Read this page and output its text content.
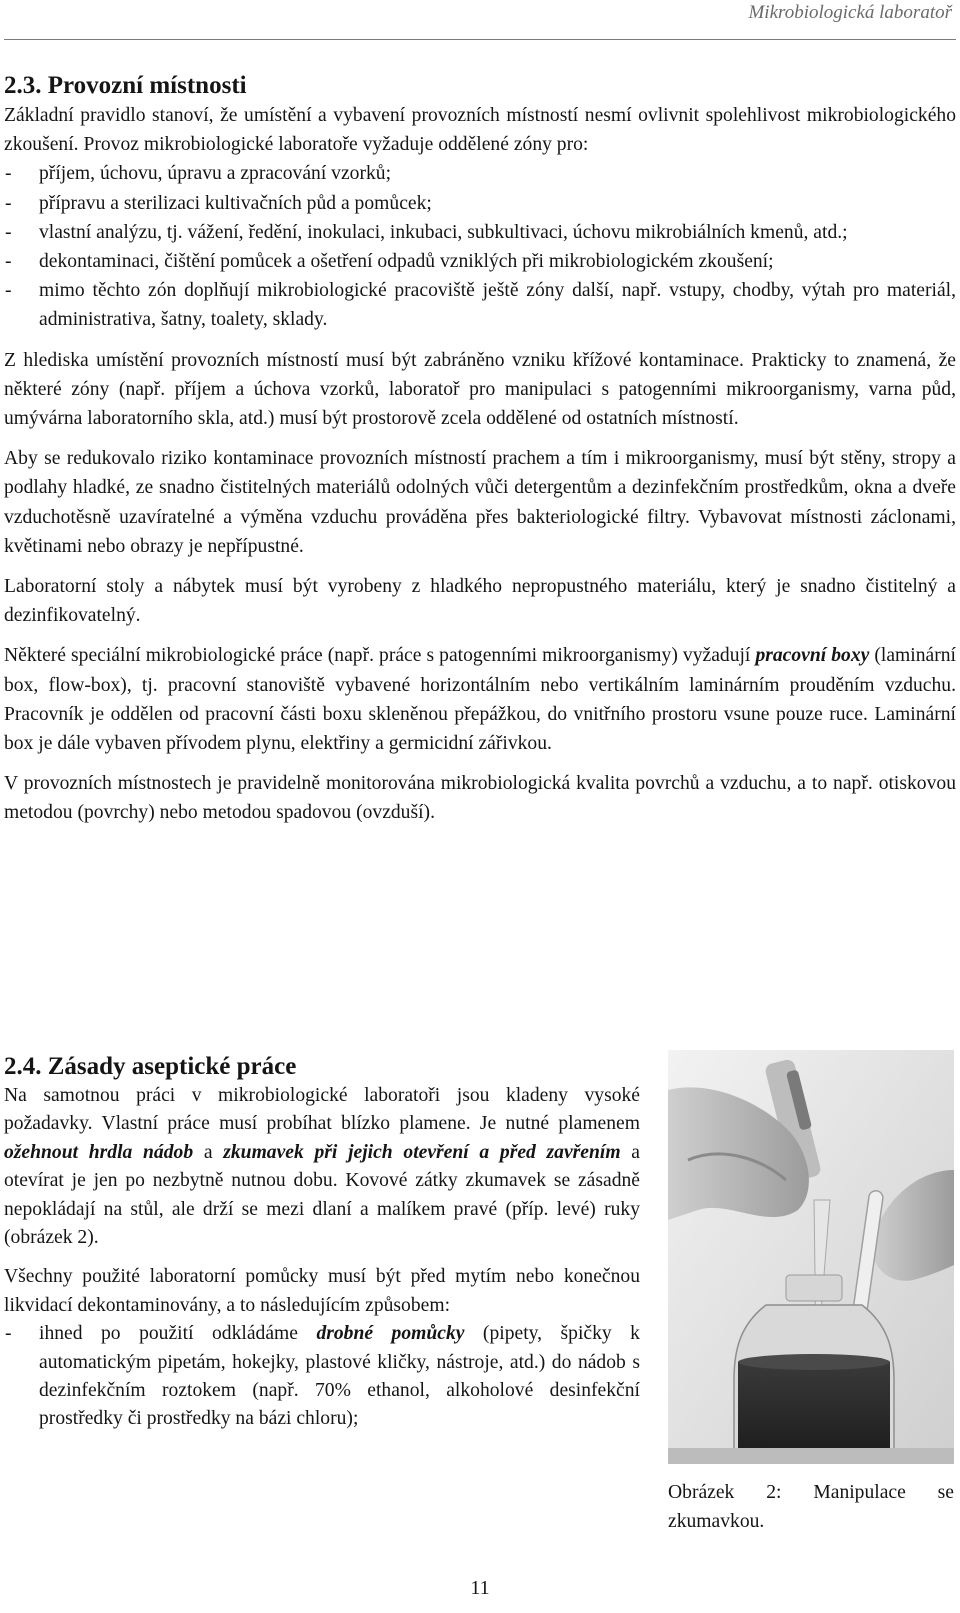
Mikrobiologická laboratoř
2.3. Provozní místnosti

Základní pravidlo stanoví, že umístění a vybavení provozních místností nesmí ovlivnit spolehlivost mikrobiologického zkoušení. Provoz mikrobiologické laboratoře vyžaduje oddělené zóny pro:

- příjem, úchovu, úpravu a zpracování vzorků;
- přípravu a sterilizaci kultivačních půd a pomůcek;
- vlastní analýzu, tj. vážení, ředění, inokulaci, inkubaci, subkultivaci, úchovu mikrobiálních kmenů, atd.;
- dekontaminaci, čištění pomůcek a ošetření odpadů vzniklých při mikrobiologickém zkoušení;
- mimo těchto zón doplňují mikrobiologické pracoviště ještě zóny další, např. vstupy, chodby, výtah pro materiál, administrativa, šatny, toalety, sklady.

Z hlediska umístění provozních místností musí být zabráněno vzniku křížové kontaminace. Prakticky to znamená, že některé zóny (např. příjem a úchova vzorků, laboratoř pro manipulaci s patogenními mikroorganismy, varna půd, umývárna laboratorního skla, atd.) musí být prostorově zcela oddělené od ostatních místností.

Aby se redukovalo riziko kontaminace provozních místností prachem a tím i mikroorganismy, musí být stěny, stropy a podlahy hladké, ze snadno čistitelných materiálů odolných vůči detergentům a dezinfekčním prostředkům, okna a dveře vzduchotěsně uzavíratelné a výměna vzduchu prováděna přes bakteriologické filtry. Vybavovat místnosti záclonami, květinami nebo obrazy je nepřípustné.

Laboratorní stoly a nábytek musí být vyrobeny z hladkého nepropustného materiálu, který je snadno čistitelný a dezinfikovatelný.

Některé speciální mikrobiologické práce (např. práce s patogenními mikroorganismy) vyžadují pracovní boxy (laminární box, flow-box), tj. pracovní stanoviště vybavené horizontálním nebo vertikálním laminárním prouděním vzduchu. Pracovník je oddělen od pracovní části boxu skleněnou přepážkou, do vnitřního prostoru vsune pouze ruce. Laminární box je dále vybaven přívodem plynu, elektřiny a germicidní zářivkou.

V provozních místnostech je pravidelně monitorována mikrobiologická kvalita povrchů a vzduchu, a to např. otiskovou metodou (povrchy) nebo metodou spadovou (ovzduší).

2.4. Zásady aseptické práce

Na samotnou práci v mikrobiologické laboratoři jsou kladeny vysoké požadavky. Vlastní práce musí probíhat blízko plamene. Je nutné plamenem ožehnout hrdla nádob a zkumavek při jejich otevření a před zavřením a otevírat je jen po nezbytně nutnou dobu. Kovové zátky zkumavek se zásadně nepokládají na stůl, ale drží se mezi dlaní a malíkem pravé (příp. levé) ruky (obrázek 2).

Všechny použité laboratorní pomůcky musí být před mytím nebo konečnou likvidací dekontaminovány, a to následujícím způsobem:

- ihned po použití odkládáme drobné pomůcky (pipety, špičky k automatickým pipetám, hokejky, plastové kličky, nástroje, atd.) do nádob s dezinfekčním roztokem (např. 70% ethanol, alkoholové desinfekční prostředky či prostředky na bázi chloru);
Obrázek 2: Manipulace se zkumavkou.
11
